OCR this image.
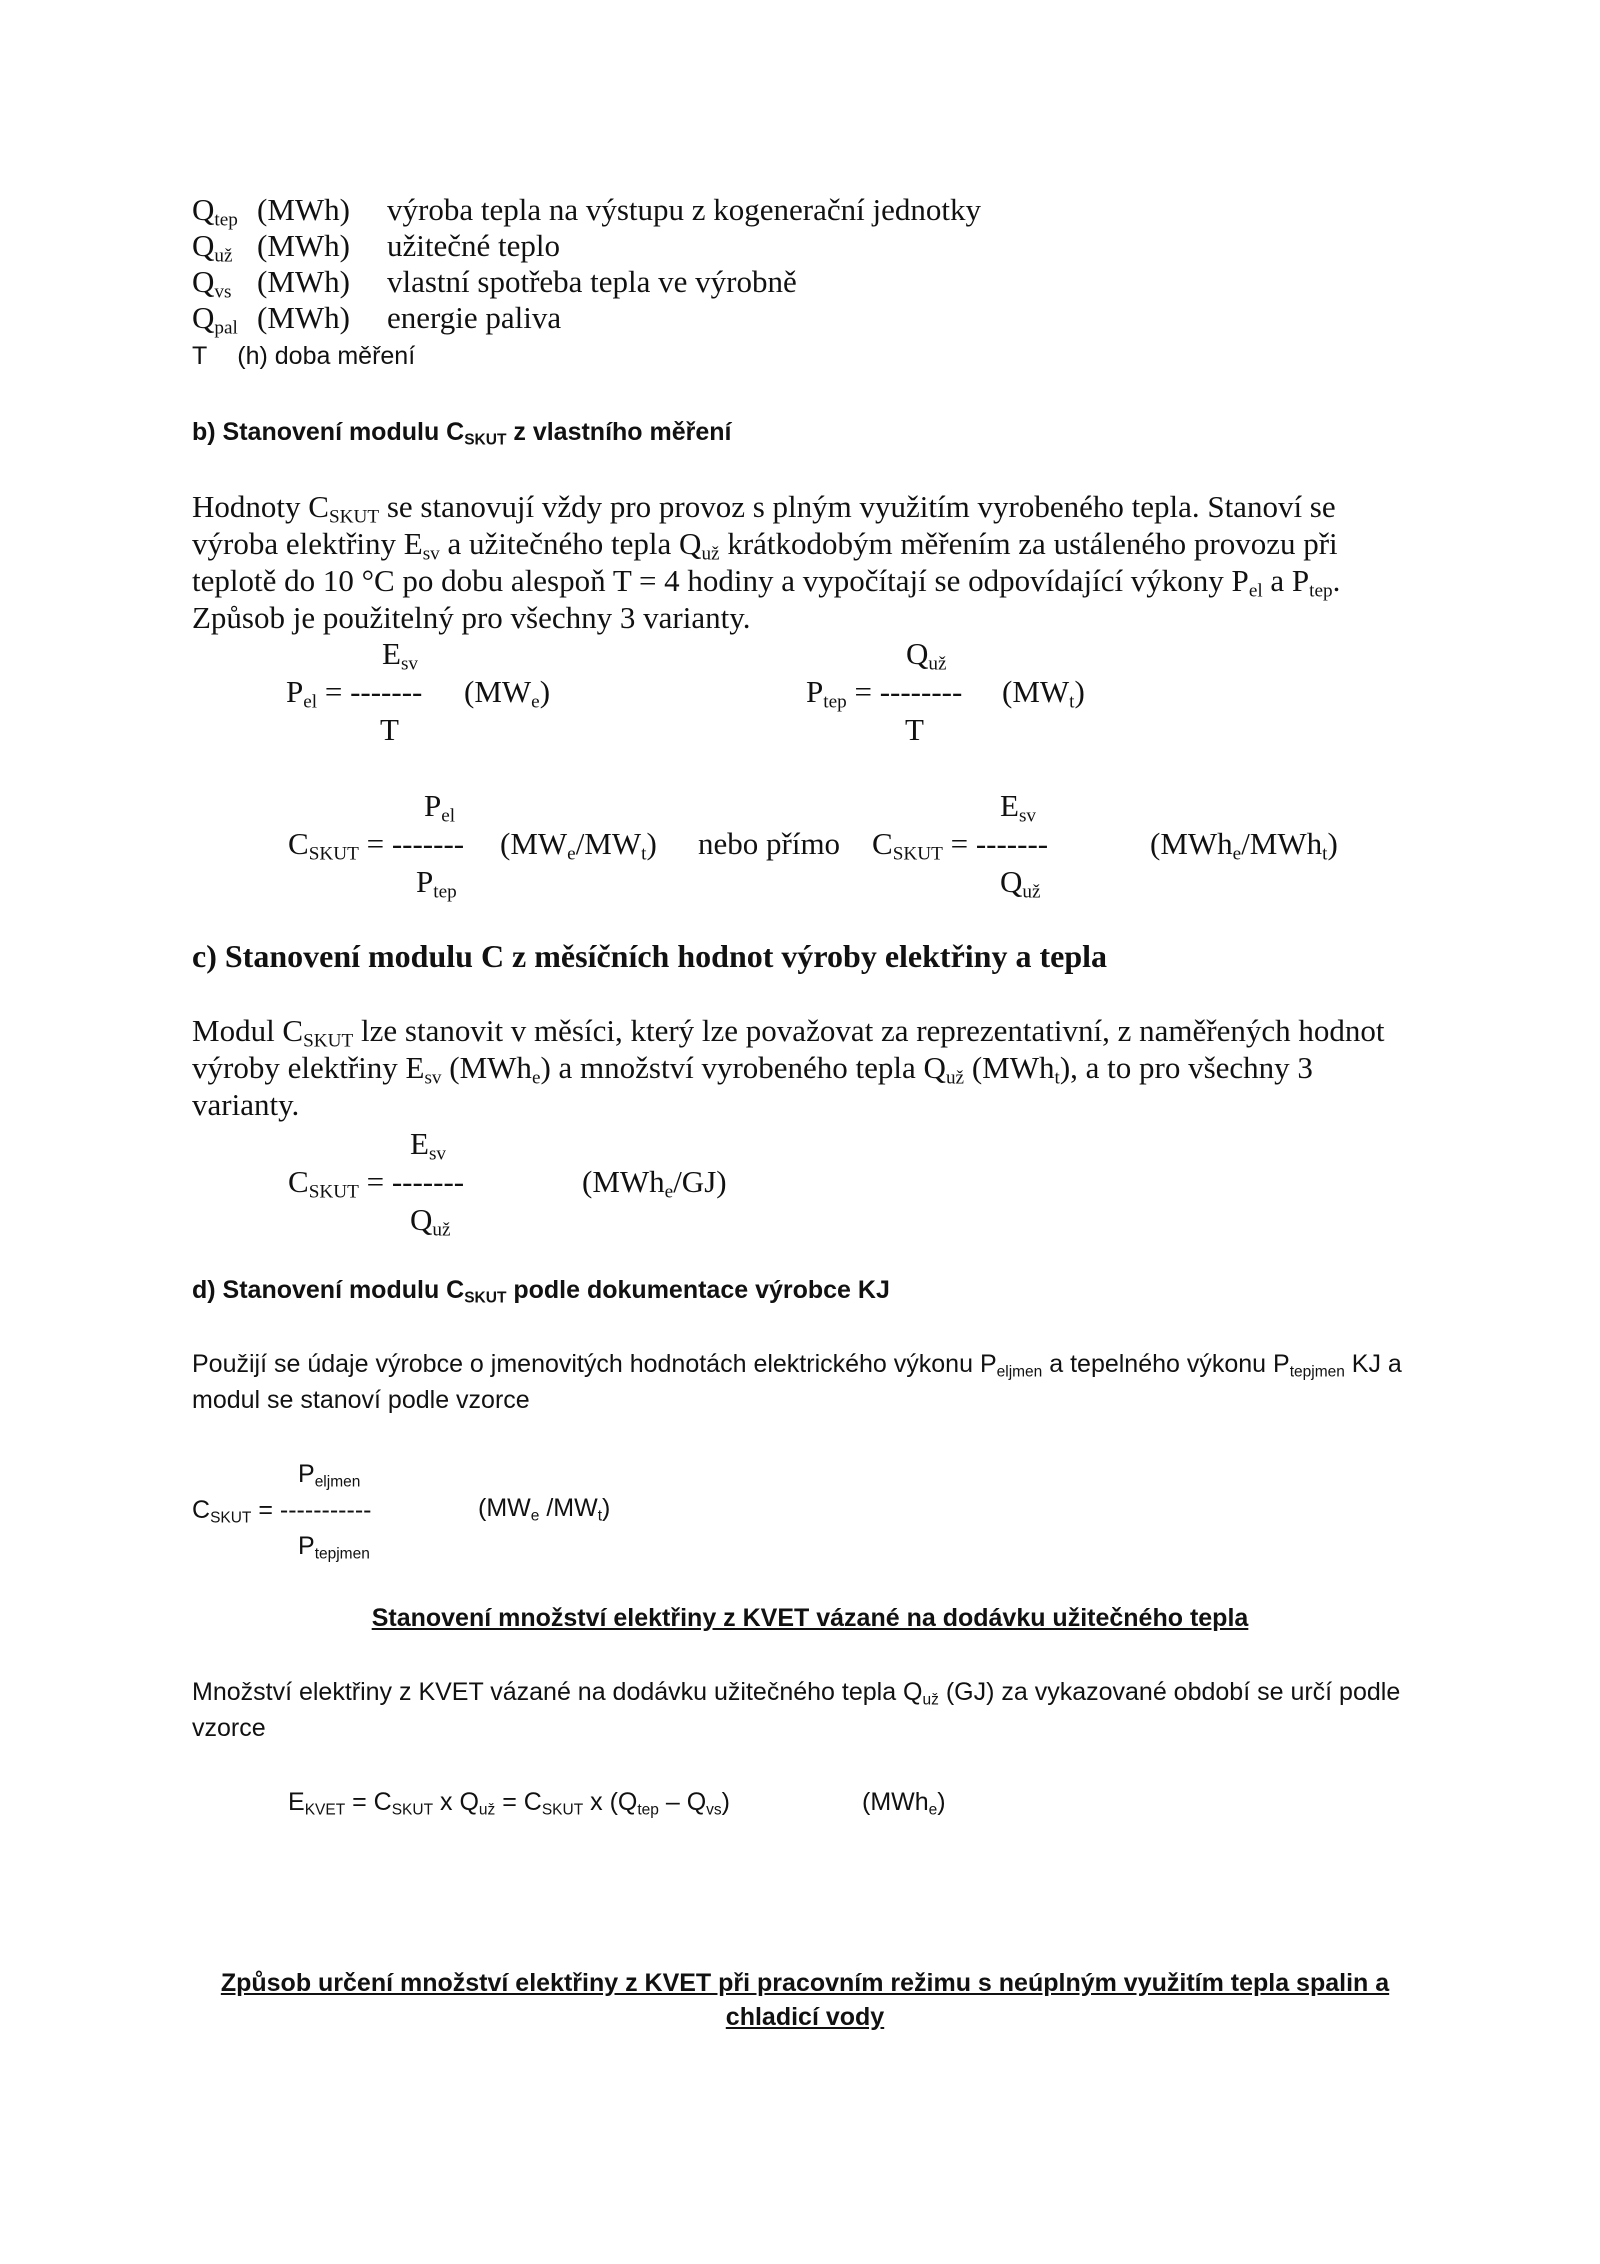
$Q_{tep}$ (MWh) výroba tepla na výstupu z kogenerační jednotky
$Q_{už}$ (MWh) užitečné teplo
$Q_{vs}$ (MWh) vlastní spotřeba tepla ve výrobně
$Q_{pal}$ (MWh) energie paliva
T (h) doba měření
b) Stanovení modulu $C_{SKUT}$ z vlastního měření
Hodnoty $C_{SKUT}$ se stanovují vždy pro provoz s plným využitím vyrobeného tepla. Stanoví se výroba elektřiny $E_{sv}$ a užitečného tepla $Q_{už}$ krátkodobým měřením za ustáleného provozu při teplotě do 10 °C po dobu alespoň T = 4 hodiny a vypočítají se odpovídající výkony $P_{el}$ a $P_{tep}$. Způsob je použitelný pro všechny 3 varianty.
$E_{sv}$
$P_{el}$ = ------- $(MW_e)$
T
$Q_{už}$
$P_{tep}$ = -------- $(MW_t)$
T
$P_{el}$
$C_{SKUT}$ = ------- $(MW_e/MW_t)$ nebo přímo
$P_{tep}$
$E_{sv}$
$C_{SKUT}$ = -------	(MWh$_e$/MWh$_t$)
$Q_{už}$
c) Stanovení modulu C z měsíčních hodnot výroby elektřiny a tepla
Modul $C_{SKUT}$ lze stanovit v měsíci, který lze považovat za reprezentativní, z naměřených hodnot výroby elektřiny $E_{sv}$ (MWh$_e$) a množství vyrobeného tepla $Q_{už}$ (MWh$_t$), a to pro všechny 3 varianty.
$E_{sv}$
$C_{SKUT}$ = -------	(MWh$_e$/GJ)
$Q_{už}$
d) Stanovení modulu $C_{SKUT}$ podle dokumentace výrobce KJ
Použijí se údaje výrobce o jmenovitých hodnotách elektrického výkonu $P_{eljmen}$ a tepelného výkonu $P_{tepjmen}$ KJ a modul se stanoví podle vzorce
$P_{eljmen}$
$C_{SKUT}$ = -----------	($MW_e$ $/MW_t$)
$P_{tepjmen}$
Stanovení množství elektřiny z KVET vázané na dodávku užitečného tepla
Množství elektřiny z KVET vázané na dodávku užitečného tepla $Q_{už}$ (GJ) za vykazované období se určí podle vzorce
$E_{KVET} = C_{SKUT}$ x $Q_{už} = C_{SKUT}$ x $(Q_{tep} - Q_{vs})$	(MWh$_e$)
Způsob určení množství elektřiny z KVET při pracovním režimu s neúplným využitím tepla spalin a
chladicí vody
